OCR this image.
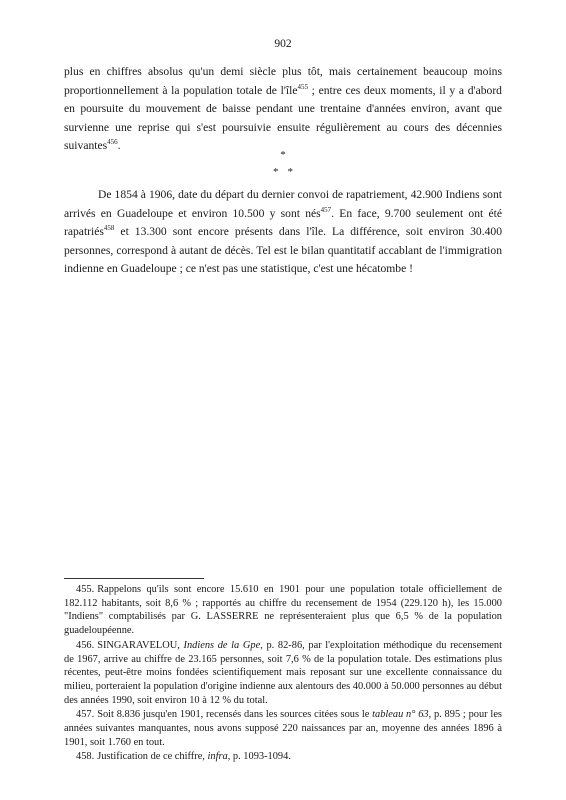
902

plus en chiffres absolus qu'un demi siècle plus tôt, mais certainement beaucoup moins proportionnellement à la population totale de l'île$^{455}$ ; entre ces deux moments, il y a d'abord en poursuite du mouvement de baisse pendant une trentaine d'années environ, avant que survienne une reprise qui s'est poursuivie ensuite régulièrement au cours des décennies suivantes$^{456}$.

*
**

De 1854 à 1906, date du départ du dernier convoi de rapatriement, 42.900 Indiens sont arrivés en Guadeloupe et environ 10.500 y sont nés$^{457}$. En face, 9.700 seulement ont été rapatriés$^{458}$ et 13.300 sont encore présents dans l'île. La différence, soit environ 30.400 personnes, correspond à autant de décès. Tel est le bilan quantitatif accablant de l'immigration indienne en Guadeloupe ; ce n'est pas une statistique, c'est une hécatombe !

455. Rappelons qu'ils sont encore 15.610 en 1901 pour une population totale officiellement de 182.112 habitants, soit 8,6 % ; rapportés au chiffre du recensement de 1954 (229.120 h), les 15.000 "Indiens" comptabilisés par G. LASSERRE ne représenteraient plus que 6,5 % de la population guadeloupéenne.

456. SINGARAVELOU, Indiens de la Gpe, p. 82-86, par l'exploitation méthodique du recensement de 1967, arrive au chiffre de 23.165 personnes, soit 7,6 % de la population totale. Des estimations plus récentes, peut-être moins fondées scientifiquement mais reposant sur une excellente connaissance du milieu, porteraient la population d'origine indienne aux alentours des 40.000 à 50.000 personnes au début des années 1990, soit environ 10 à 12 % du total.

457. Soit 8.836 jusqu'en 1901, recensés dans les sources citées sous le tableau n° 63, p. 895 ; pour les années suivantes manquantes, nous avons supposé 220 naissances par an, moyenne des années 1896 à 1901, soit 1.760 en tout.

458. Justification de ce chiffre, infra, p. 1093-1094.
